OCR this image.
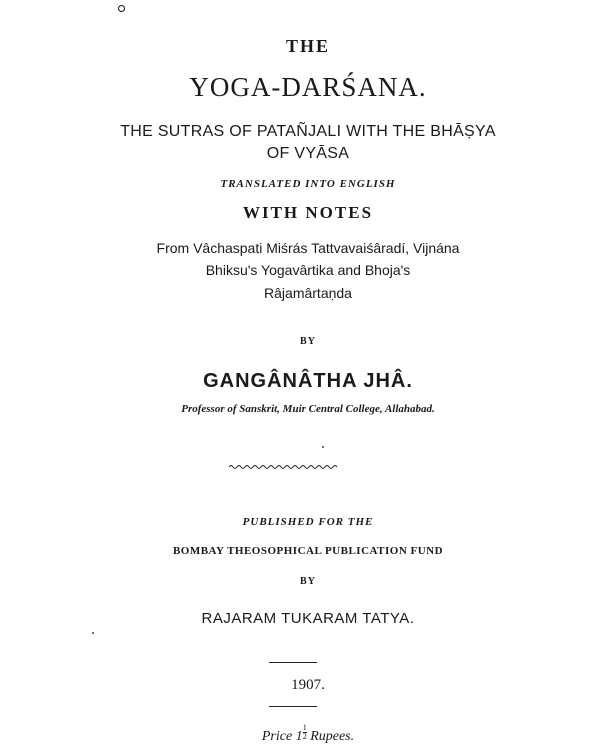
THE
YOGA-DARŚANA.
THE SUTRAS OF PATAÑJALI WITH THE BHĀṢYA
OF VYĀSA
TRANSLATED INTO ENGLISH
WITH NOTES
From Vâchaspati Miśrás Tattvavaiśâradí, Vijnána
Bhiksu's Yogavârtika and Bhoja's
Râjamârtaṇda
BY
GANGÂNÂTHA JHÂ.
Professor of Sanskrit, Muir Central College, Allahabad.
PUBLISHED FOR THE
BOMBAY THEOSOPHICAL PUBLICATION FUND
BY
RAJARAM TUKARAM TATYA.
1907.
Price $1 \frac{1}{2}$ Rupees.
